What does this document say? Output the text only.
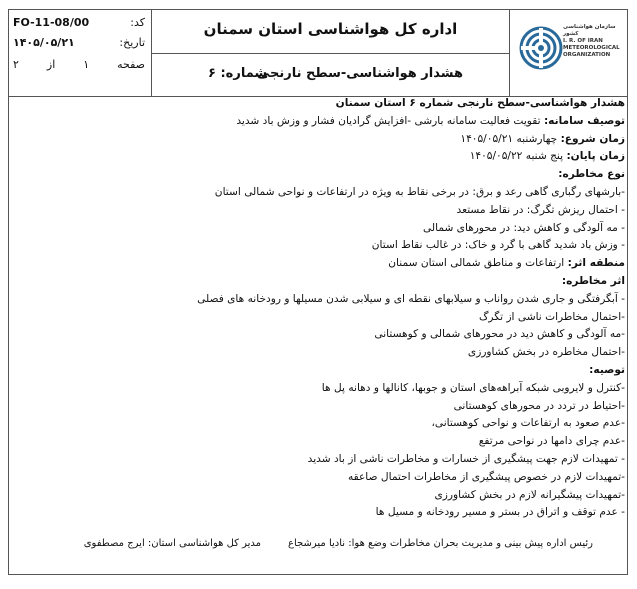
سازمان هواشناسی کشور
I. R. OF IRAN METEOROLOGICAL ORGANIZATION
اداره کل هواشناسی استان سمنان
هشدار هواشناسی-سطح نارنجی
شماره: ۶
کد:
FO-11-08/00
تاریخ:
۱۴۰۵/۰۵/۲۱
صفحه
۱
از
۲
هشدار هواشناسی-سطح نارنجی شماره ۶ استان سمنان
توصیف سامانه: تقویت فعالیت سامانه بارشی -افزایش گرادیان فشار و وزش باد شدید
زمان شروع: چهارشنبه ۱۴۰۵/۰۵/۲۱
زمان پایان: پنج شنبه ۱۴۰۵/۰۵/۲۲
نوع مخاطره:
-بارشهای رگباری گاهی رعد و برق: در برخی نقاط به ویژه در ارتفاعات و نواحی شمالی استان
- احتمال ریزش تگرگ: در نقاط مستعد
- مه آلودگی و کاهش دید: در محورهای شمالی
- وزش باد شدید گاهی با گرد و خاک: در غالب نقاط استان
منطقه اثر: ارتفاعات و مناطق شمالی استان سمنان
اثر مخاطره:
- آبگرفتگی و جاری شدن رواناب و سیلابهای نقطه ای و سیلابی شدن مسیلها و رودخانه های فصلی
-احتمال مخاطرات ناشی از تگرگ
-مه آلودگی و کاهش دید در محورهای شمالی و کوهستانی
-احتمال مخاطره در بخش کشاورزی
توصیه:
-کنترل و لایروبی شبکه آبراهه‌های استان و جوبها، کانالها و دهانه پل ها
-احتیاط در تردد در محورهای کوهستانی
-عدم صعود به ارتفاعات و نواحی کوهستانی،
-عدم چرای دامها در نواحی مرتفع
- تمهیدات لازم جهت پیشگیری از خسارات و مخاطرات ناشی از باد شدید
-تمهیدات لازم در خصوص پیشگیری از مخاطرات احتمال صاعقه
-تمهیدات پیشگیرانه لازم در بخش کشاورزی
- عدم توقف و اتراق در بستر و مسیر رودخانه و مسیل ها
رئیس اداره پیش بینی و مدیریت بحران مخاطرات وضع هوا: نادیا میرشجاع
مدیر کل هواشناسی استان: ایرج مصطفوی
